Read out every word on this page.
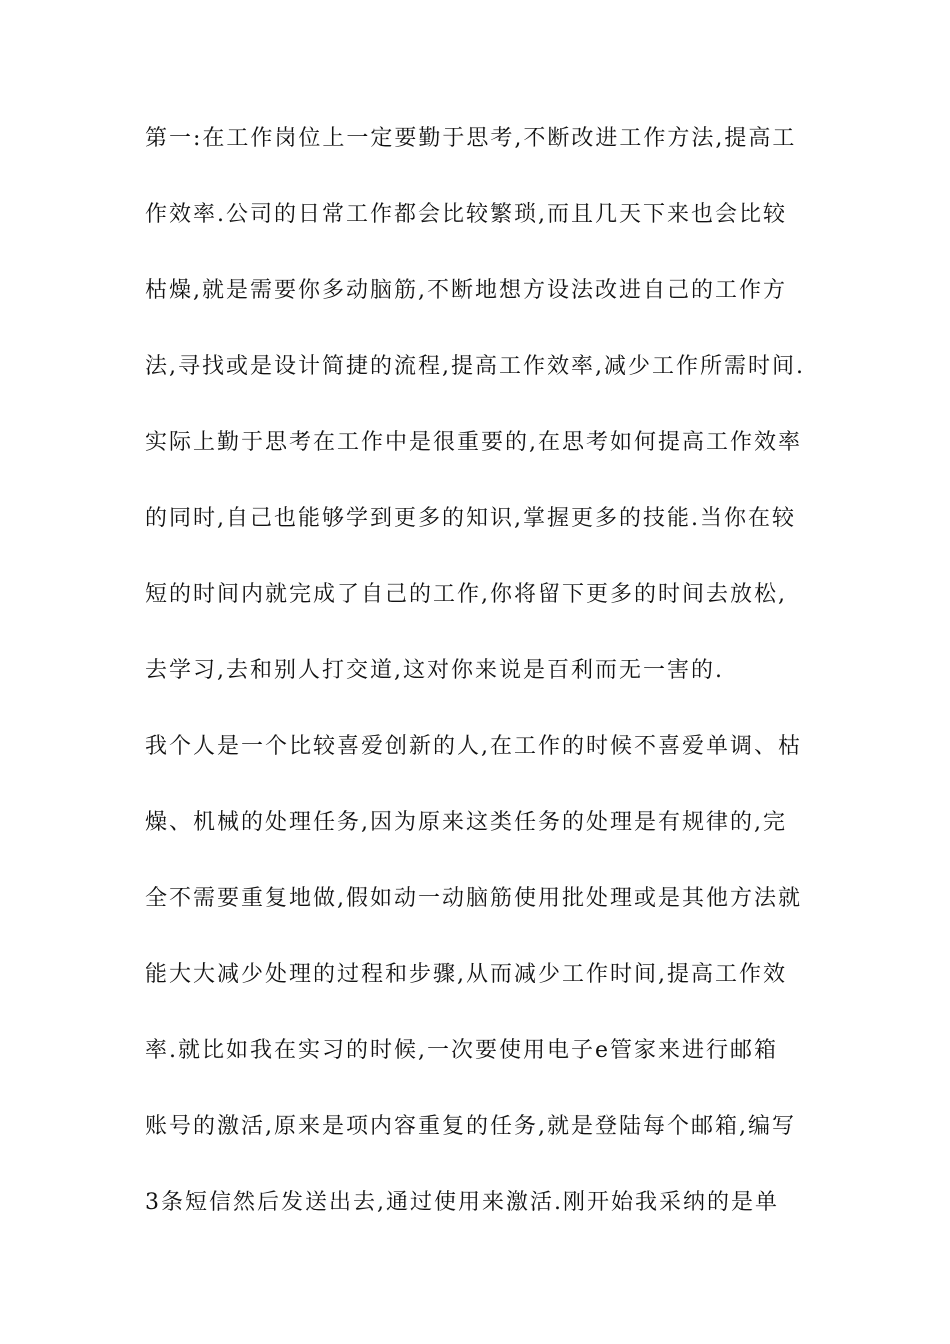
第一:在工作岗位上一定要勤于思考,不断改进工作方法,提高工
作效率.公司的日常工作都会比较繁琐,而且几天下来也会比较
枯燥,就是需要你多动脑筋,不断地想方设法改进自己的工作方
法,寻找或是设计简捷的流程,提高工作效率,减少工作所需时间.
实际上勤于思考在工作中是很重要的,在思考如何提高工作效率
的同时,自己也能够学到更多的知识,掌握更多的技能.当你在较
短的时间内就完成了自己的工作,你将留下更多的时间去放松,
去学习,去和别人打交道,这对你来说是百利而无一害的.
我个人是一个比较喜爱创新的人,在工作的时候不喜爱单调、枯
燥、机械的处理任务,因为原来这类任务的处理是有规律的,完
全不需要重复地做,假如动一动脑筋使用批处理或是其他方法就
能大大减少处理的过程和步骤,从而减少工作时间,提高工作效
率.就比如我在实习的时候,一次要使用电子e管家来进行邮箱
账号的激活,原来是项内容重复的任务,就是登陆每个邮箱,编写
3条短信然后发送出去,通过使用来激活.刚开始我采纳的是单
